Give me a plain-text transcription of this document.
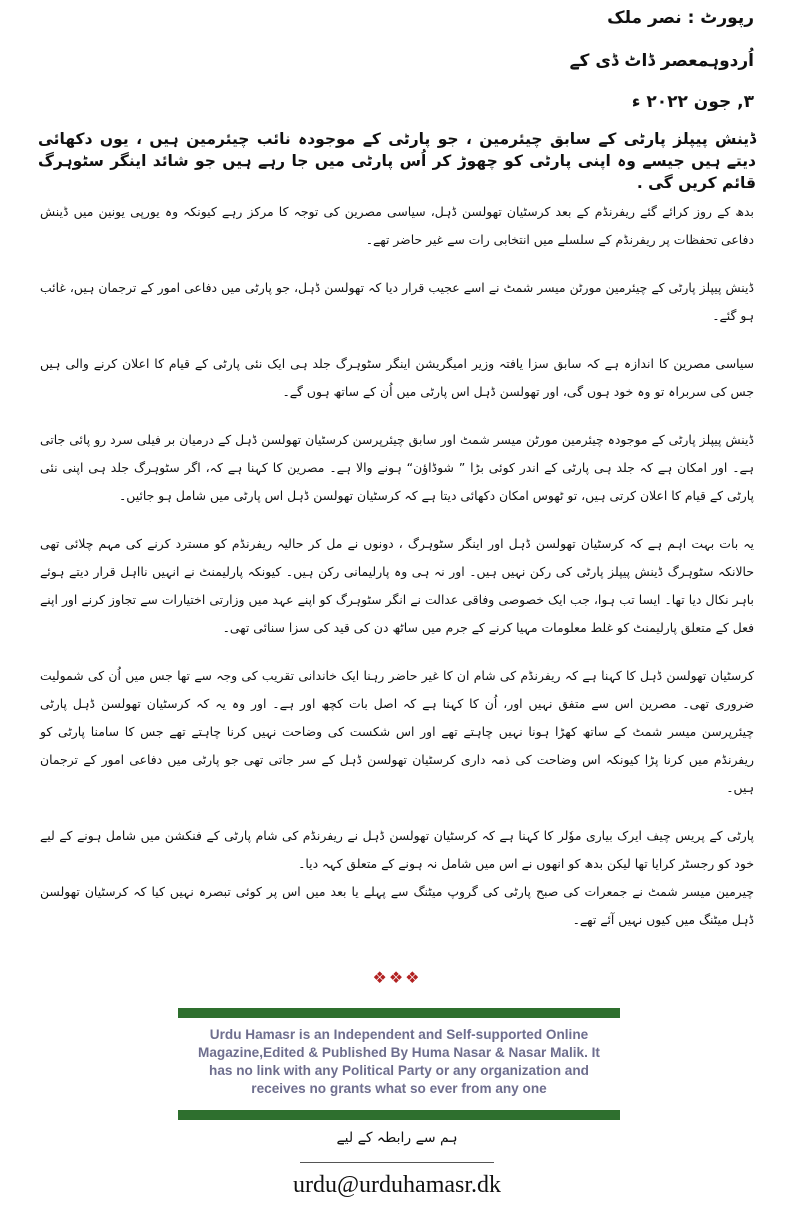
رپورٹ : نصر ملک
اُردوہمعصر ڈاٹ ڈی کے
۳, جون ۲۰۲۲ ء
ڈینش پیپلز پارٹی کے سابق چیئرمین ، جو پارٹی کے موجودہ نائب چیئرمین ہیں ، یوں دکھائی دیتے ہیں جیسے وہ اپنی پارٹی کو چھوڑ کر اُس پارٹی میں جا رہے ہیں جو شائد اینگر سٹوہرگ قائم کریں گی .

بدھ کے روز کرائے گئے ریفرنڈم کے بعد کرسٹیان تھولسن ڈہل، سیاسی مصرین کی توجہ کا مرکز رہے کیونکہ وہ یورپی یونین میں ڈینش دفاعی تحفظات پر ریفرنڈم کے سلسلے میں انتخابی رات سے غیر حاضر تھے۔

ڈینش پیپلز پارٹی کے چیئرمین مورٹن میسر شمٹ نے اسے عجیب قرار دیا کہ تھولسن ڈہل، جو پارٹی میں دفاعی امور کے ترجمان ہیں، غائب ہو گئے۔

سیاسی مصرین کا اندازہ ہے کہ سابق سزا یافتہ وزیر امیگریشن اینگر سٹوہرگ جلد ہی ایک نئی پارٹی کے قیام کا اعلان کرنے والی ہیں جس کی سربراہ تو وہ خود ہوں گی، اور تھولسن ڈہل اس پارٹی میں اُن کے ساتھ ہوں گے۔

ڈینش پیپلز پارٹی کے موجودہ چیئرمین مورٹن میسر شمٹ اور سابق چیئرپرسن کرسٹیان تھولسن ڈہل کے درمیان بر فیلی سرد رو پائی جاتی ہے۔ اور امکان ہے کہ جلد ہی پارٹی کے اندر کوئی بڑا ” شوڈاؤن“ ہونے والا ہے۔ مصرین کا کہنا ہے کہ، اگر سٹوہرگ جلد ہی اپنی نئی پارٹی کے قیام کا اعلان کرتی ہیں، تو ٹھوس امکان دکھائی دیتا ہے کہ کرسٹیان تھولسن ڈہل اس پارٹی میں شامل ہو جائیں۔

یہ بات بہت اہم ہے کہ کرسٹیان تھولسن ڈہل اور اینگر سٹوہرگ ، دونوں نے مل کر حالیہ ریفرنڈم کو مسترد کرنے کی مہم چلائی تھی حالانکہ سٹوہرگ ڈینش پیپلز پارٹی کی رکن نہیں ہیں۔ اور نہ ہی وہ پارلیمانی رکن ہیں۔ کیونکہ پارلیمنٹ نے انہیں نااہل قرار دیتے ہوئے باہر نکال دیا تھا۔ ایسا تب ہوا، جب ایک خصوصی وفاقی عدالت نے انگر سٹوہرگ کو اپنے عہد میں وزارتی اختیارات سے تجاوز کرنے اور اپنے فعل کے متعلق پارلیمنٹ کو غلط معلومات مہیا کرنے کے جرم میں ساٹھ دن کی قید کی سزا سنائی تھی۔

کرسٹیان تھولسن ڈہل کا کہنا ہے کہ ریفرنڈم کی شام ان کا غیر حاضر رہنا ایک خاندانی تقریب کی وجہ سے تھا جس میں اُن کی شمولیت ضروری تھی۔ مصرین اس سے متفق نہیں اور، اُن کا کہنا ہے کہ اصل بات کچھ اور ہے۔ اور وہ یہ کہ کرسٹیان تھولسن ڈہل پارٹی چیئرپرسن میسر شمٹ کے ساتھ کھڑا ہونا نہیں چاہتے تھے اور اس شکست کی وضاحت نہیں کرنا چاہتے تھے جس کا سامنا پارٹی کو ریفرنڈم میں کرنا پڑا کیونکہ اس وضاحت کی ذمہ داری کرسٹیان تھولسن ڈہل کے سر جاتی تھی جو پارٹی میں دفاعی امور کے ترجمان ہیں۔

پارٹی کے پریس چیف ایرک بیاری موٗلر کا کہنا ہے کہ کرسٹیان تھولسن ڈہل نے ریفرنڈم کی شام پارٹی کے فنکشن میں شامل ہونے کے لیے خود کو رجسٹر کرایا تھا لیکن بدھ کو انھوں نے اس میں شامل نہ ہونے کے متعلق کہہ دیا۔

چیرمین میسر شمٹ نے جمعرات کی صبح پارٹی کی گروپ میٹنگ سے پہلے یا بعد میں اس پر کوئی تبصرہ نہیں کیا کہ کرسٹیان تھولسن ڈہل میٹنگ میں کیوں نہیں آئے تھے۔

❖❖❖
Urdu Hamasr is an Independent and Self-supported Online Magazine,Edited & Published By Huma Nasar & Nasar Malik. It has no link with any Political Party or any organization and receives no grants what so ever from any one
ہم سے رابطہ کے لیے
urdu@urduhamasr.dk
